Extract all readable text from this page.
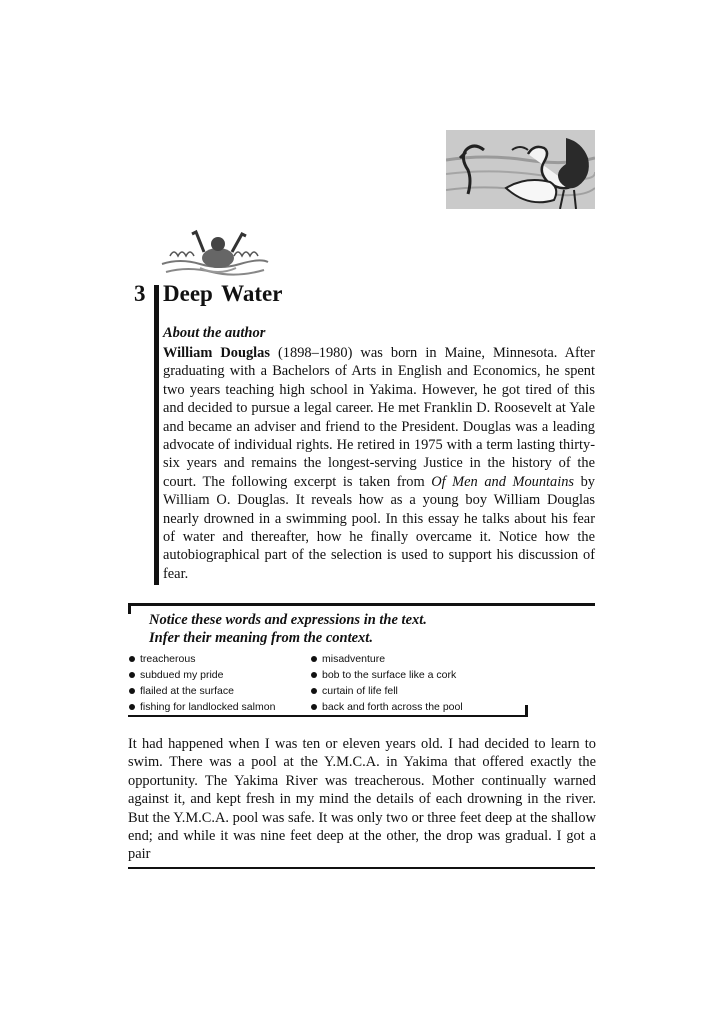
3 Deep Water
About the author
William Douglas (1898–1980) was born in Maine, Minnesota. After graduating with a Bachelors of Arts in English and Economics, he spent two years teaching high school in Yakima. However, he got tired of this and decided to pursue a legal career. He met Franklin D. Roosevelt at Yale and became an adviser and friend to the President. Douglas was a leading advocate of individual rights. He retired in 1975 with a term lasting thirty-six years and remains the longest-serving Justice in the history of the court. The following excerpt is taken from Of Men and Mountains by William O. Douglas. It reveals how as a young boy William Douglas nearly drowned in a swimming pool. In this essay he talks about his fear of water and thereafter, how he finally overcame it. Notice how the autobiographical part of the selection is used to support his discussion of fear.
Notice these words and expressions in the text.
Infer their meaning from the context.
treacherous
subdued my pride
flailed at the surface
fishing for landlocked salmon
misadventure
bob to the surface like a cork
curtain of life fell
back and forth across the pool
It had happened when I was ten or eleven years old. I had decided to learn to swim. There was a pool at the Y.M.C.A. in Yakima that offered exactly the opportunity. The Yakima River was treacherous. Mother continually warned against it, and kept fresh in my mind the details of each drowning in the river. But the Y.M.C.A. pool was safe. It was only two or three feet deep at the shallow end; and while it was nine feet deep at the other, the drop was gradual. I got a pair
